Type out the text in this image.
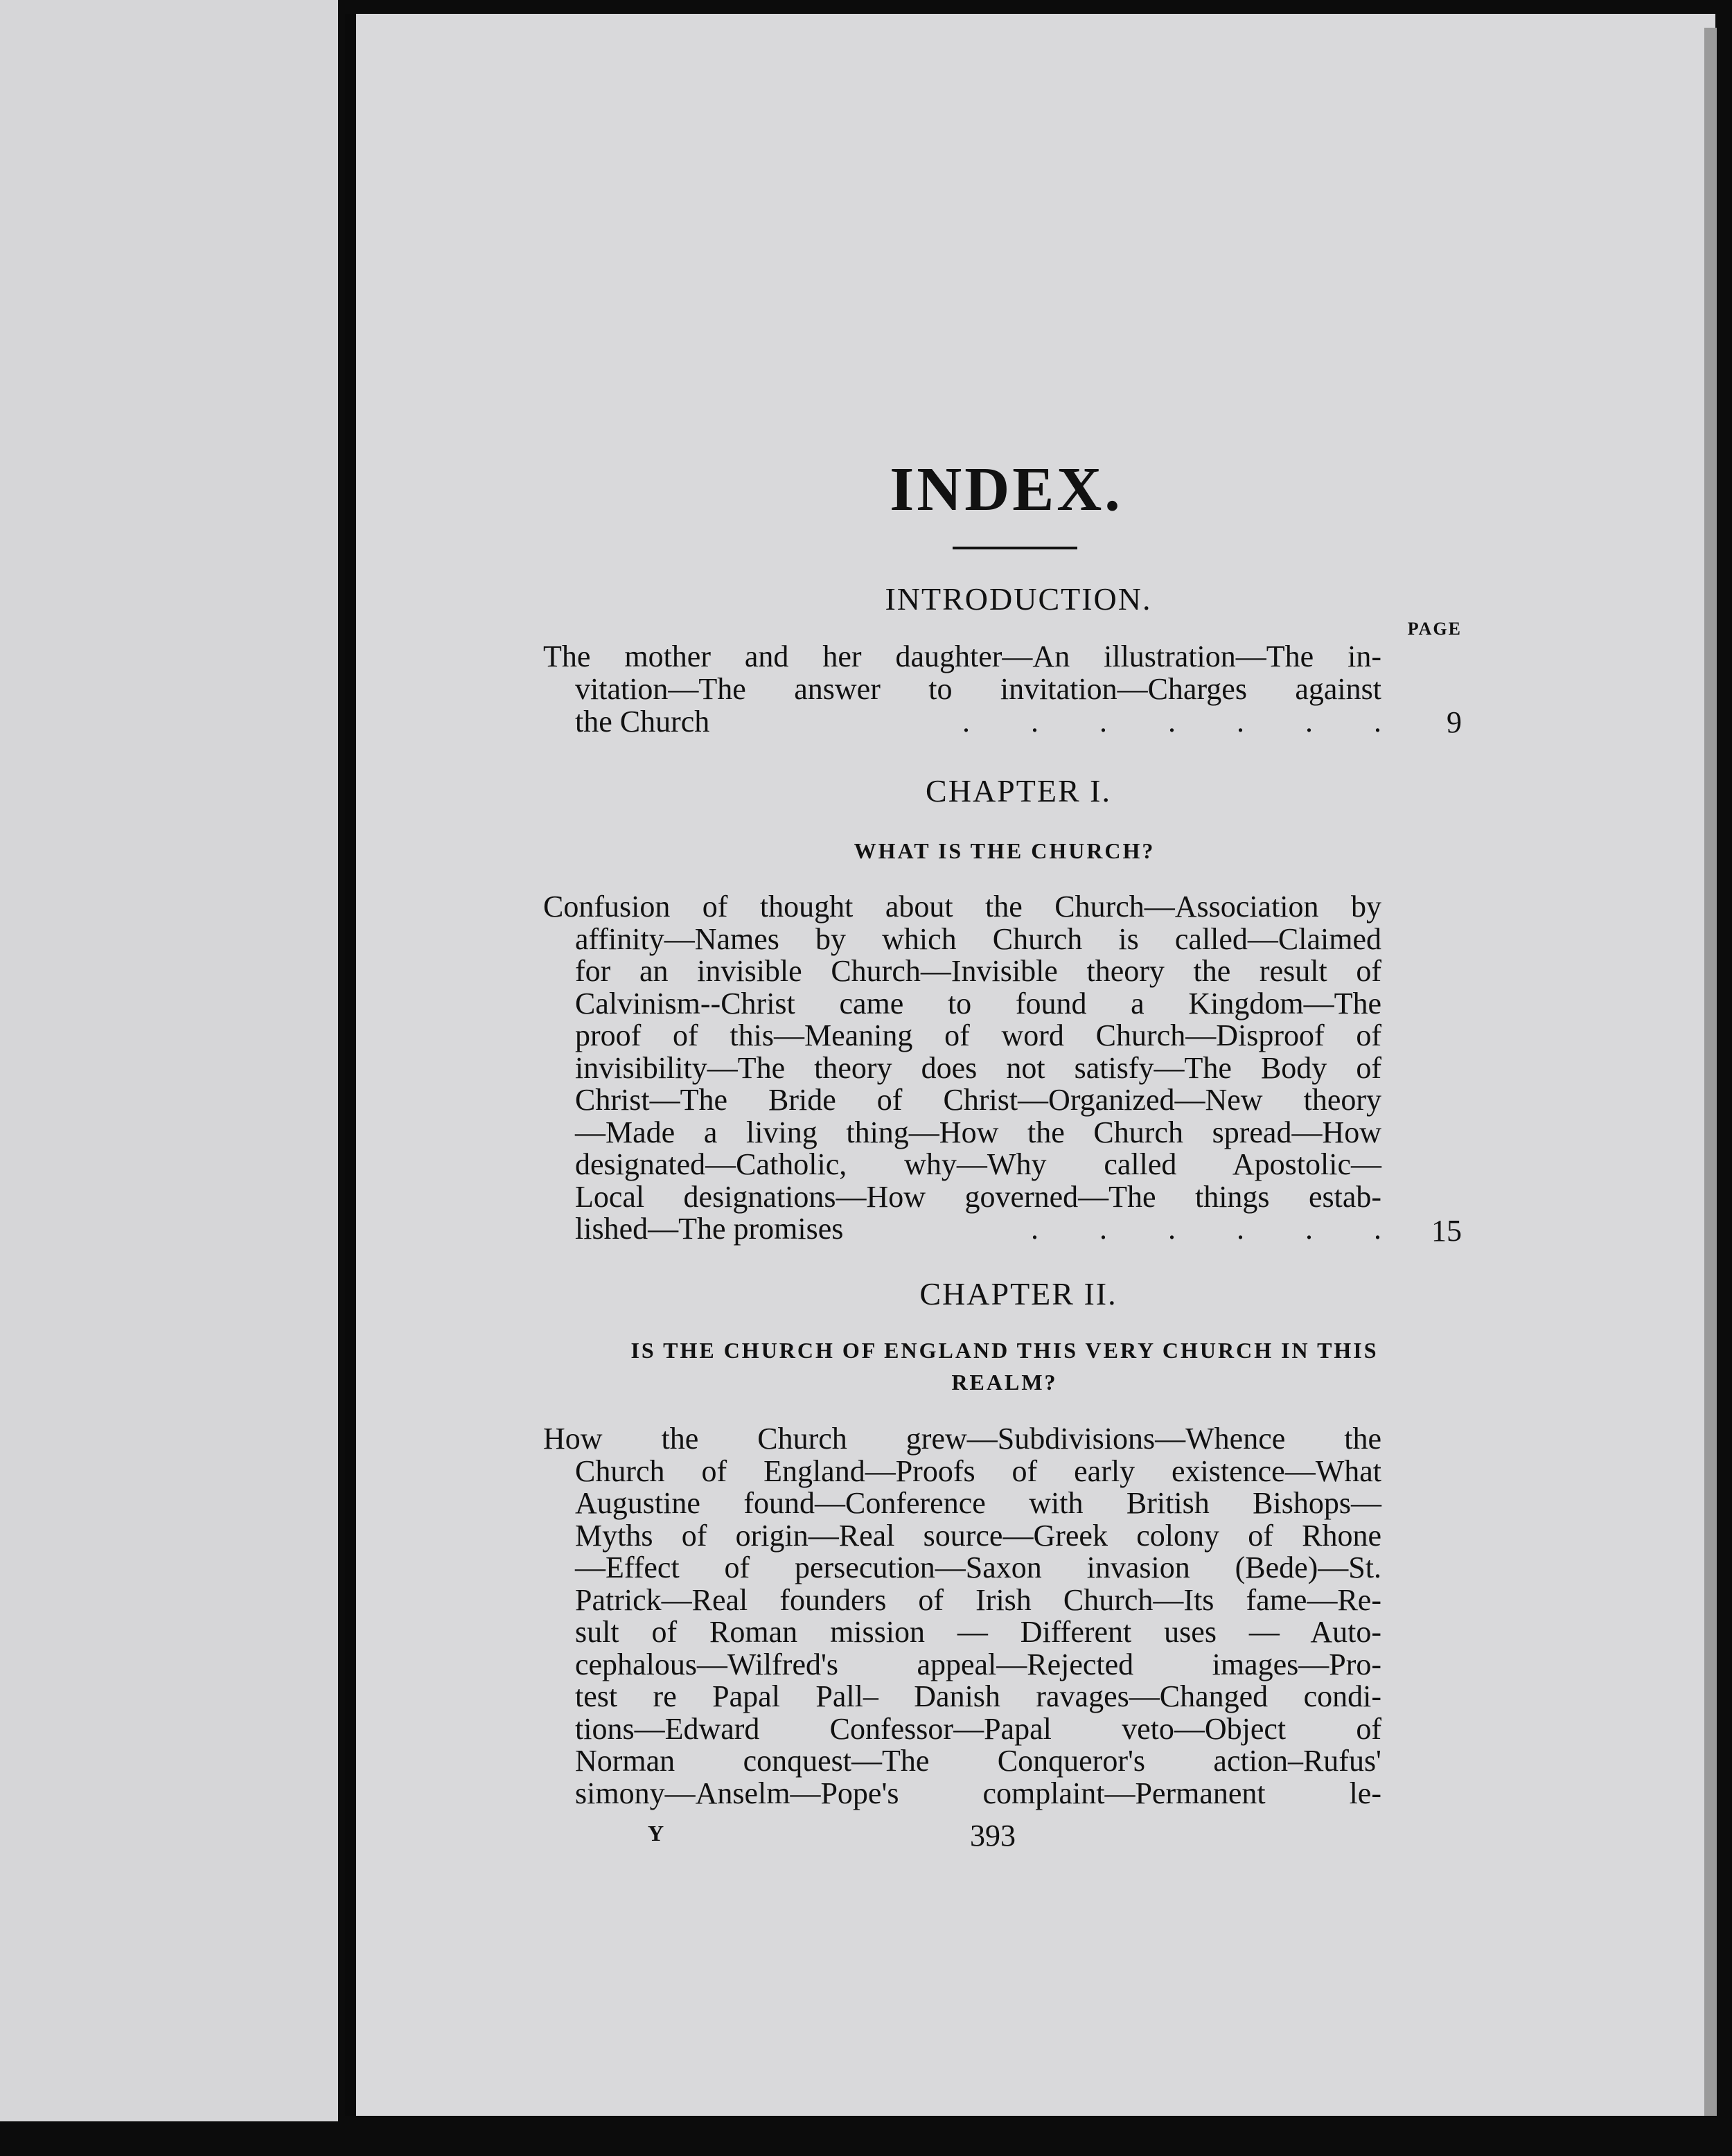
INDEX.
INTRODUCTION.
PAGE
The mother and her daughter—An illustration—The in-
vitation—The answer to invitation—Charges against
the Church	.        .        .        .        .        .        .	9
CHAPTER I.
WHAT IS THE CHURCH?
Confusion of thought about the Church—Association by
affinity—Names by which Church is called—Claimed
for an invisible Church—Invisible theory the result of
Calvinism--Christ came to found a Kingdom—The
proof of this—Meaning of word Church—Disproof of
invisibility—The theory does not satisfy—The Body of
Christ—The Bride of Christ—Organized—New theory
—Made a living thing—How the Church spread—How
designated—Catholic, why—Why called Apostolic—
Local designations—How governed—The things estab-
lished—The promises	.        .        .        .        .        .	15
CHAPTER II.
IS THE CHURCH OF ENGLAND THIS VERY CHURCH IN THIS
REALM?
How the Church grew—Subdivisions—Whence the
Church of England—Proofs of early existence—What
Augustine found—Conference with British Bishops—
Myths of origin—Real source—Greek colony of Rhone
—Effect of persecution—Saxon invasion (Bede)—St.
Patrick—Real founders of Irish Church—Its fame—Re-
sult of Roman mission — Different uses — Auto-
cephalous—Wilfred's appeal—Rejected images—Pro-
test re Papal Pall– Danish ravages—Changed condi-
tions—Edward Confessor—Papal veto—Object of
Norman conquest—The Conqueror's action–Rufus'
simony—Anselm—Pope's complaint—Permanent le-
Y	393
